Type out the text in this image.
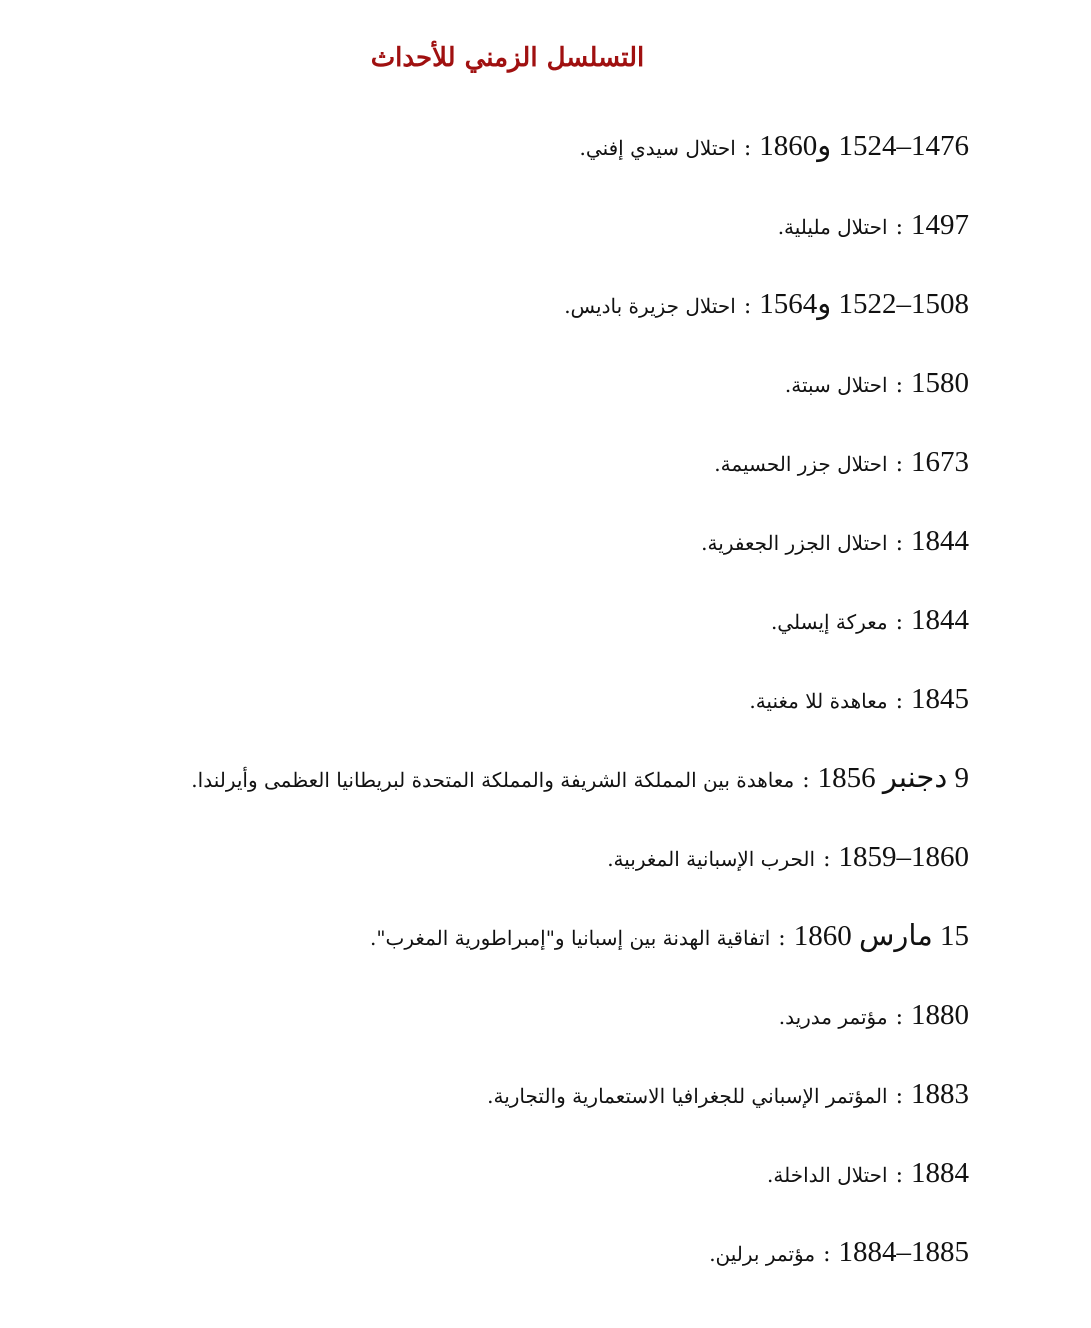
التسلسل الزمني للأحداث
1476–1524 و1860:احتلال سيدي إفني.
1497:احتلال مليلية.
1508–1522 و1564:احتلال جزيرة باديس.
1580:احتلال سبتة.
1673:احتلال جزر الحسيمة.
1844:احتلال الجزر الجعفرية.
1844:معركة إيسلي.
1845:معاهدة للا مغنية.
9 دجنبر 1856:معاهدة بين المملكة الشريفة والمملكة المتحدة لبريطانيا العظمى وأيرلندا.
1859–1860:الحرب الإسبانية المغربية.
15 مارس 1860:اتفاقية الهدنة بين إسبانيا و"إمبراطورية المغرب".
1880:مؤتمر مدريد.
1883:المؤتمر الإسباني للجغرافيا الاستعمارية والتجارية.
1884:احتلال الداخلة.
1884–1885:مؤتمر برلين.
